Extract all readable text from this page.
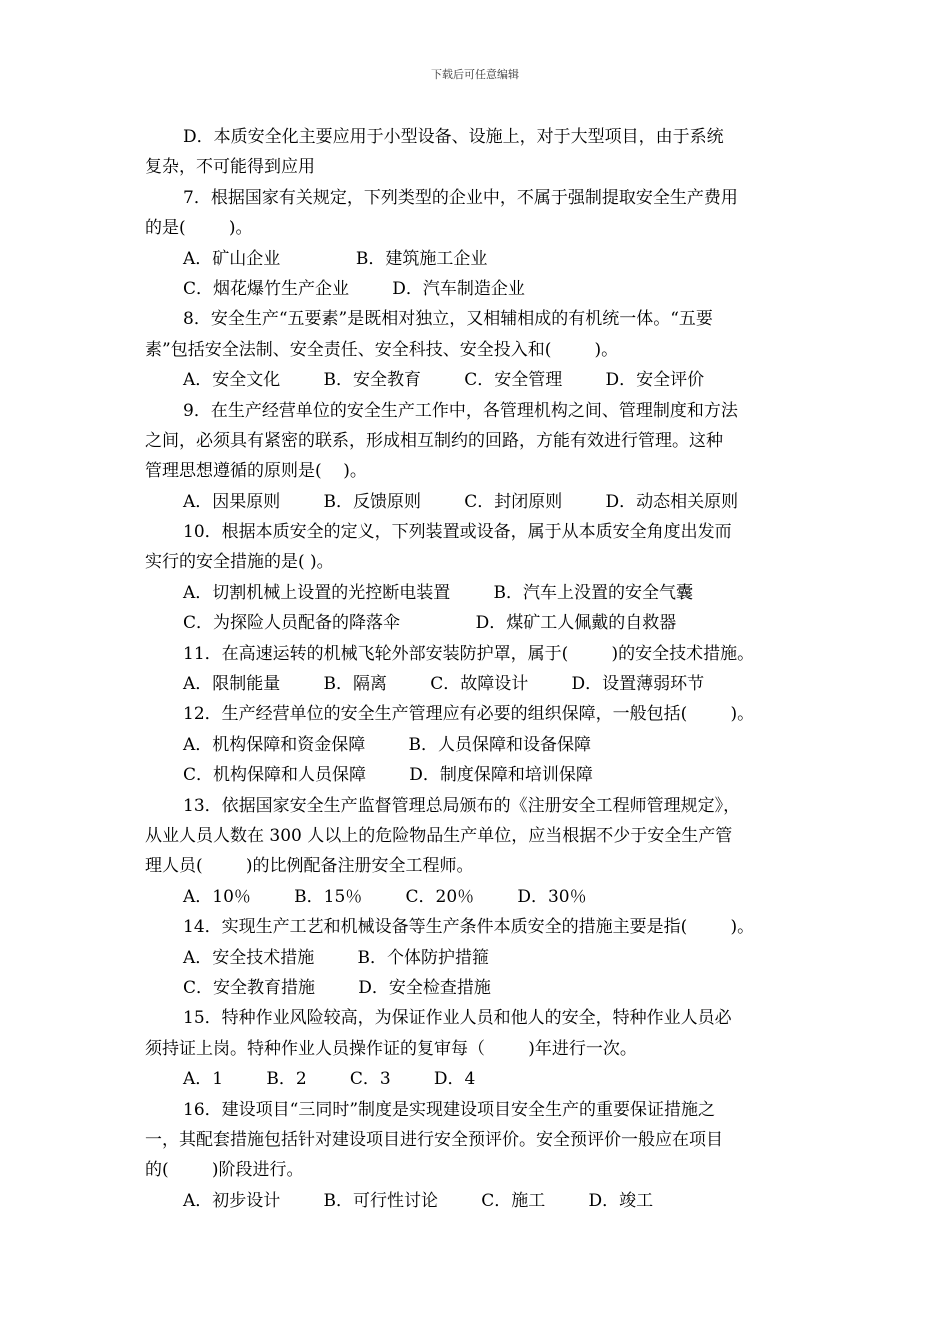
下载后可任意编辑
D．本质安全化主要应用于小型设备、设施上，对于大型项目，由于系统
复杂，不可能得到应用
7．根据国家有关规定，下列类型的企业中，不属于强制提取安全生产费用
的是(        )。
A．矿山企业              B．建筑施工企业
C．烟花爆竹生产企业        D．汽车制造企业
8．安全生产“五要素”是既相对独立，又相辅相成的有机统一体。“五要
素”包括安全法制、安全责任、安全科技、安全投入和(        )。
A．安全文化        B．安全教育        C．安全管理        D．安全评价
9．在生产经营单位的安全生产工作中，各管理机构之间、管理制度和方法
之间，必须具有紧密的联系，形成相互制约的回路，方能有效进行管理。这种
管理思想遵循的原则是(    )。
A．因果原则        B．反馈原则        C．封闭原则        D．动态相关原则
10．根据本质安全的定义，下列装置或设备，属于从本质安全角度出发而
实行的安全措施的是( )。
A．切割机械上设置的光控断电装置        B．汽车上没置的安全气囊
C．为探险人员配备的降落伞              D．煤矿工人佩戴的自救器
11．在高速运转的机械飞轮外部安装防护罩，属于(        )的安全技术措施。
A．限制能量        B．隔离        C．故障设计        D．设置薄弱环节
12．生产经营单位的安全生产管理应有必要的组织保障，一般包括(        )。
A．机构保障和资金保障        B．人员保障和设备保障
C．机构保障和人员保障        D．制度保障和培训保障
13．依据国家安全生产监督管理总局颁布的《注册安全工程师管理规定》，
从业人员人数在 300 人以上的危险物品生产单位，应当根据不少于安全生产管
理人员(        )的比例配备注册安全工程师。
A．10％        B．15％        C．20％        D．30％
14．实现生产工艺和机械设备等生产条件本质安全的措施主要是指(        )。
A．安全技术措施        B．个体防护措箍
C．安全教育措施        D．安全检查措施
15．特种作业风险较高，为保证作业人员和他人的安全，特种作业人员必
须持证上岗。特种作业人员操作证的复审每（        )年进行一次。
A．1        B．2        C．3        D．4
16．建设项目“三同时”制度是实现建设项目安全生产的重要保证措施之
一，其配套措施包括针对建设项目进行安全预评价。安全预评价一般应在项目
的(        )阶段进行。
A．初步设计        B．可行性讨论        C．施工        D．竣工
